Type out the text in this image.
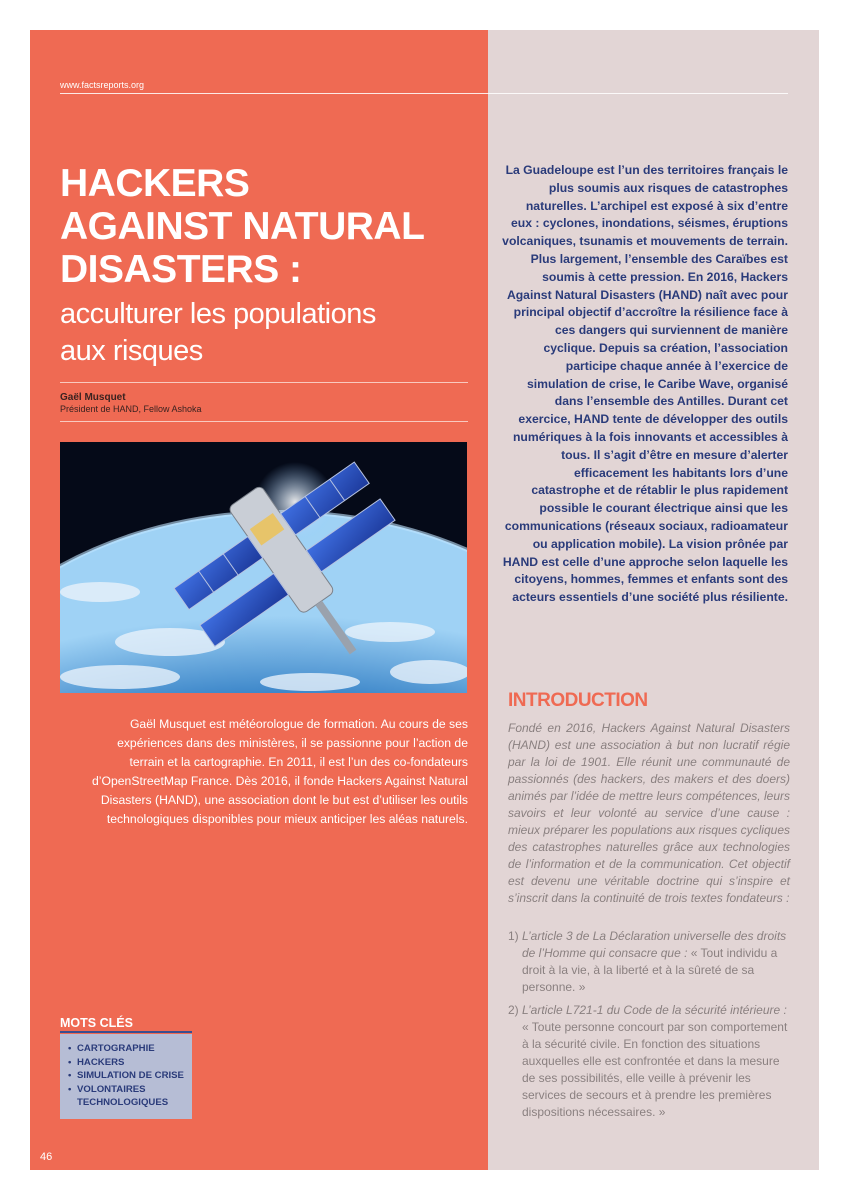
www.factsreports.org
HACKERS
AGAINST NATURAL
DISASTERS :
acculturer les populations
aux risques
Gaël Musquet
Président de HAND, Fellow Ashoka

Gaël Musquet est météorologue de formation. Au cours de ses expériences dans des ministères, il se passionne pour l’action de terrain et la cartographie. En 2011, il est l’un des co-fondateurs d’OpenStreetMap France. Dès 2016, il fonde Hackers Against Natural Disasters (HAND), une association dont le but est d’utiliser les outils technologiques disponibles pour mieux anticiper les aléas naturels.

MOTS CLÉS
• CARTOGRAPHIE
• HACKERS
• SIMULATION DE CRISE
• VOLONTAIRES TECHNOLOGIQUES
46

La Guadeloupe est l’un des territoires français le plus soumis aux risques de catastrophes naturelles. L’archipel est exposé à six d’entre eux : cyclones, inondations, séismes, éruptions volcaniques, tsunamis et mouvements de terrain. Plus largement, l’ensemble des Caraïbes est soumis à cette pression. En 2016, Hackers Against Natural Disasters (HAND) naît avec pour principal objectif d’accroître la résilience face à ces dangers qui surviennent de manière cyclique. Depuis sa création, l’association participe chaque année à l’exercice de simulation de crise, le Caribe Wave, organisé dans l’ensemble des Antilles. Durant cet exercice, HAND tente de développer des outils numériques à la fois innovants et accessibles à tous. Il s’agit d’être en mesure d’alerter efficacement les habitants lors d’une catastrophe et de rétablir le plus rapidement possible le courant électrique ainsi que les communications (réseaux sociaux, radioamateur ou application mobile). La vision prônée par HAND est celle d’une approche selon laquelle les citoyens, hommes, femmes et enfants sont des acteurs essentiels d’une société plus résiliente.

INTRODUCTION

Fondé en 2016, Hackers Against Natural Disasters (HAND) est une association à but non lucratif régie par la loi de 1901. Elle réunit une communauté de passionnés (des hackers, des makers et des doers) animés par l’idée de mettre leurs compétences, leurs savoirs et leur volonté au service d’une cause : mieux préparer les populations aux risques cycliques des catastrophes naturelles grâce aux technologies de l’information et de la communication. Cet objectif est devenu une véritable doctrine qui s’inspire et s’inscrit dans la continuité de trois textes fondateurs :

1) L’article 3 de La Déclaration universelle des droits de l’Homme qui consacre que : « Tout individu a droit à la vie, à la liberté et à la sûreté de sa personne. »
2) L’article L721-1 du Code de la sécurité intérieure : « Toute personne concourt par son comportement à la sécurité civile. En fonction des situations auxquelles elle est confrontée et dans la mesure de ses possibilités, elle veille à prévenir les services de secours et à prendre les premières dispositions nécessaires. »
